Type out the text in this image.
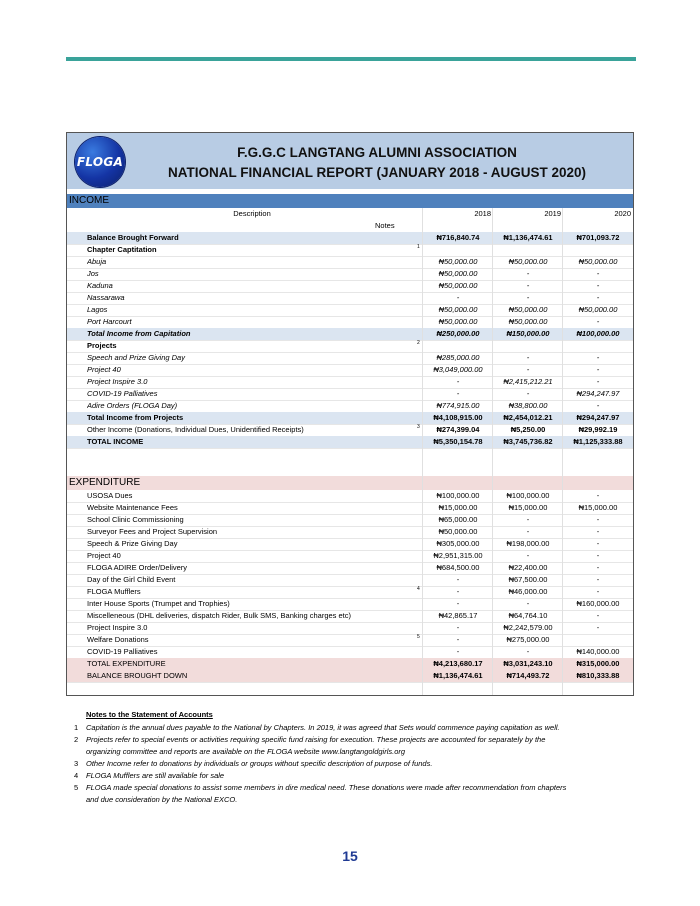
FLOGA
F.G.G.C LANGTANG ALUMNI ASSOCIATION
NATIONAL FINANCIAL REPORT (JANUARY 2018 - AUGUST 2020)
INCOME
Description	2018	2019	2020
Notes
Balance Brought Forward	₦716,840.74	₦1,136,474.61	₦701,093.72
Chapter Captitation	1
Abuja	₦50,000.00	₦50,000.00	₦50,000.00
Jos	₦50,000.00	-	-
Kaduna	₦50,000.00	-	-
Nassarawa	-	-	-
Lagos	₦50,000.00	₦50,000.00	₦50,000.00
Port Harcourt	₦50,000.00	₦50,000.00	-
Total Income from Capitation	₦250,000.00	₦150,000.00	₦100,000.00
Projects	2
Speech and Prize Giving Day	₦285,000.00	-	-
Project 40	₦3,049,000.00	-	-
Project Inspire 3.0	-	₦2,415,212.21	-
COVID-19 Palliatives	-	-	₦294,247.97
Adire Orders (FLOGA Day)	₦774,915.00	₦38,800.00	-
Total Income from Projects	₦4,108,915.00	₦2,454,012.21	₦294,247.97
Other Income (Donations, Individual Dues, Unidentified Receipts)	3	₦274,399.04	₦5,250.00	₦29,992.19
TOTAL INCOME	₦5,350,154.78	₦3,745,736.82	₦1,125,333.88
EXPENDITURE
USOSA Dues	₦100,000.00	₦100,000.00	-
Website Maintenance Fees	₦15,000.00	₦15,000.00	₦15,000.00
School Clinic Commissioning	₦65,000.00	-	-
Surveyor Fees and Project Supervision	₦50,000.00	-	-
Speech & Prize Giving Day	₦305,000.00	₦198,000.00	-
Project 40	₦2,951,315.00	-	-
FLOGA ADIRE Order/Delivery	₦684,500.00	₦22,400.00	-
Day of the Girl Child Event	-	₦67,500.00	-
FLOGA Mufflers	4	-	₦46,000.00	-
Inter House Sports (Trumpet and Trophies)	-	-	₦160,000.00
Miscelleneous (DHL deliveries, dispatch Rider, Bulk SMS, Banking charges etc)	₦42,865.17	₦64,764.10	-
Project Inspire 3.0	-	₦2,242,579.00	-
Welfare Donations	5	-	₦275,000.00
COVID-19 Palliatives	-	-	₦140,000.00
TOTAL EXPENDITURE	₦4,213,680.17	₦3,031,243.10	₦315,000.00
BALANCE BROUGHT DOWN	₦1,136,474.61	₦714,493.72	₦810,333.88
Notes to the Statement of Accounts
1 Capitation is the annual dues payable to the National by Chapters. In 2019, it was agreed that Sets would commence paying capitation as well.
2 Projects refer to special events or activities requiring specific fund raising for execution. These projects are accounted for separately by the
organizing committee and reports are available on the FLOGA website www.langtangoldgirls.org
3 Other Income refer to donations by individuals or groups without specific description of purpose of funds.
4 FLOGA Mufflers are still available for sale
5 FLOGA made special donations to assist some members in dire medical need. These donations were made after recommendation from chapters
and due consideration by the National EXCO.
15
